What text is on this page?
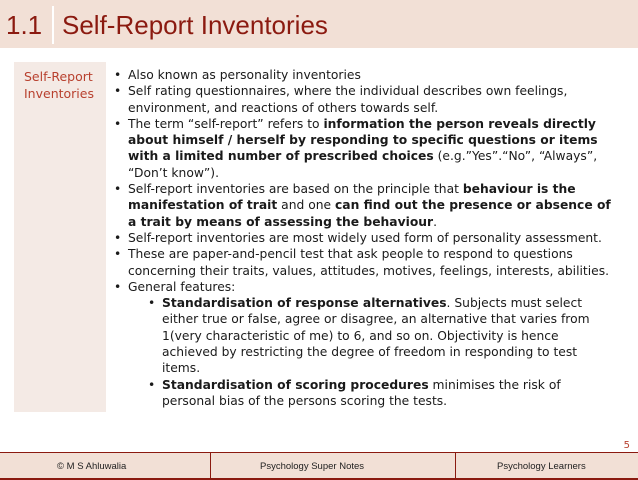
1.1 Self-Report Inventories
Self-Report Inventories
• Also known as personality inventories
• Self rating questionnaires, where the individual describes own feelings, environment, and reactions of others towards self.
• The term “self-report” refers to information the person reveals directly about himself / herself by responding to specific questions or items with a limited number of prescribed choices (e.g.”Yes”.“No”, “Always”, “Don’t know”).
• Self-report inventories are based on the principle that behaviour is the manifestation of trait and one can find out the presence or absence of a trait by means of assessing the behaviour.
• Self-report inventories are most widely used form of personality assessment.
• These are paper-and-pencil test that ask people to respond to questions concerning their traits, values, attitudes, motives, feelings, interests, abilities.
• General features:
• Standardisation of response alternatives. Subjects must select either true or false, agree or disagree, an alternative that varies from 1(very characteristic of me) to 6, and so on. Objectivity is hence achieved by restricting the degree of freedom in responding to test items.
• Standardisation of scoring procedures minimises the risk of personal bias of the persons scoring the tests.
5
© M S Ahluwalia	Psychology Super Notes	Psychology Learners
